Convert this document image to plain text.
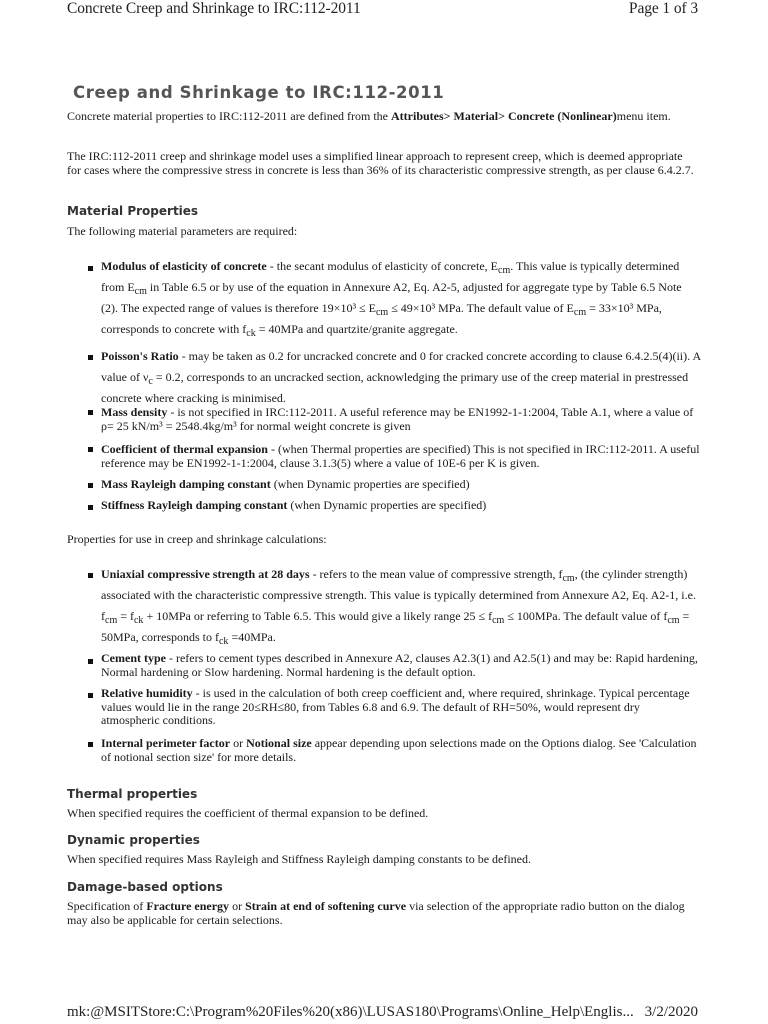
Concrete Creep and Shrinkage to IRC:112-2011	Page 1 of 3
Creep and Shrinkage to IRC:112-2011
Concrete material properties to IRC:112-2011 are defined from the Attributes> Material> Concrete (Nonlinear)menu item.
The IRC:112-2011 creep and shrinkage model uses a simplified linear approach to represent creep, which is deemed appropriate for cases where the compressive stress in concrete is less than 36% of its characteristic compressive strength, as per clause 6.4.2.7.
Material Properties
The following material parameters are required:
Modulus of elasticity of concrete - the secant modulus of elasticity of concrete, $E_{cm}$. This value is typically determined from $E_{cm}$ in Table 6.5 or by use of the equation in Annexure A2, Eq. A2-5, adjusted for aggregate type by Table 6.5 Note (2). The expected range of values is therefore $19\times 10^3 \le E_{cm} \le 49\times 10^3$ MPa. The default value of $E_{cm} = 33\times 10^3$ MPa, corresponds to concrete with $f_{ck} = 40MPa$ and quartzite/granite aggregate.
Poisson's Ratio - may be taken as 0.2 for uncracked concrete and 0 for cracked concrete according to clause 6.4.2.5(4)(ii). A value of $\nu_c = 0.2$, corresponds to an uncracked section, acknowledging the primary use of the creep material in prestressed concrete where cracking is minimised.
Mass density - is not specified in IRC:112-2011. A useful reference may be EN1992-1-1:2004, Table A.1, where a value of ρ= 25 kN/m³ = 2548.4kg/m³ for normal weight concrete is given
Coefficient of thermal expansion - (when Thermal properties are specified) This is not specified in IRC:112-2011. A useful reference may be EN1992-1-1:2004, clause 3.1.3(5) where a value of 10E-6 per K is given.
Mass Rayleigh damping constant (when Dynamic properties are specified)
Stiffness Rayleigh damping constant (when Dynamic properties are specified)
Properties for use in creep and shrinkage calculations:
Uniaxial compressive strength at 28 days - refers to the mean value of compressive strength, $f_{cm}$, (the cylinder strength) associated with the characteristic compressive strength. This value is typically determined from Annexure A2, Eq. A2-1, i.e. $f_{cm} = f_{ck} + 10MPa$ or referring to Table 6.5. This would give a likely range $25 \le f_{cm} \le 100MPa$. The default value of $f_{cm} = 50MPa$, corresponds to $f_{ck} =40MPa$.
Cement type - refers to cement types described in Annexure A2, clauses A2.3(1) and A2.5(1) and may be: Rapid hardening, Normal hardening or Slow hardening. Normal hardening is the default option.
Relative humidity - is used in the calculation of both creep coefficient and, where required, shrinkage. Typical percentage values would lie in the range 20≤RH≤80, from Tables 6.8 and 6.9. The default of RH=50%, would represent dry atmospheric conditions.
Internal perimeter factor or Notional size appear depending upon selections made on the Options dialog. See 'Calculation of notional section size' for more details.
Thermal properties
When specified requires the coefficient of thermal expansion to be defined.
Dynamic properties
When specified requires Mass Rayleigh and Stiffness Rayleigh damping constants to be defined.
Damage-based options
Specification of Fracture energy or Strain at end of softening curve via selection of the appropriate radio button on the dialog may also be applicable for certain selections.
mk:@MSITStore:C:\Program%20Files%20(x86)\LUSAS180\Programs\Online_Help\Englis... 3/2/2020
